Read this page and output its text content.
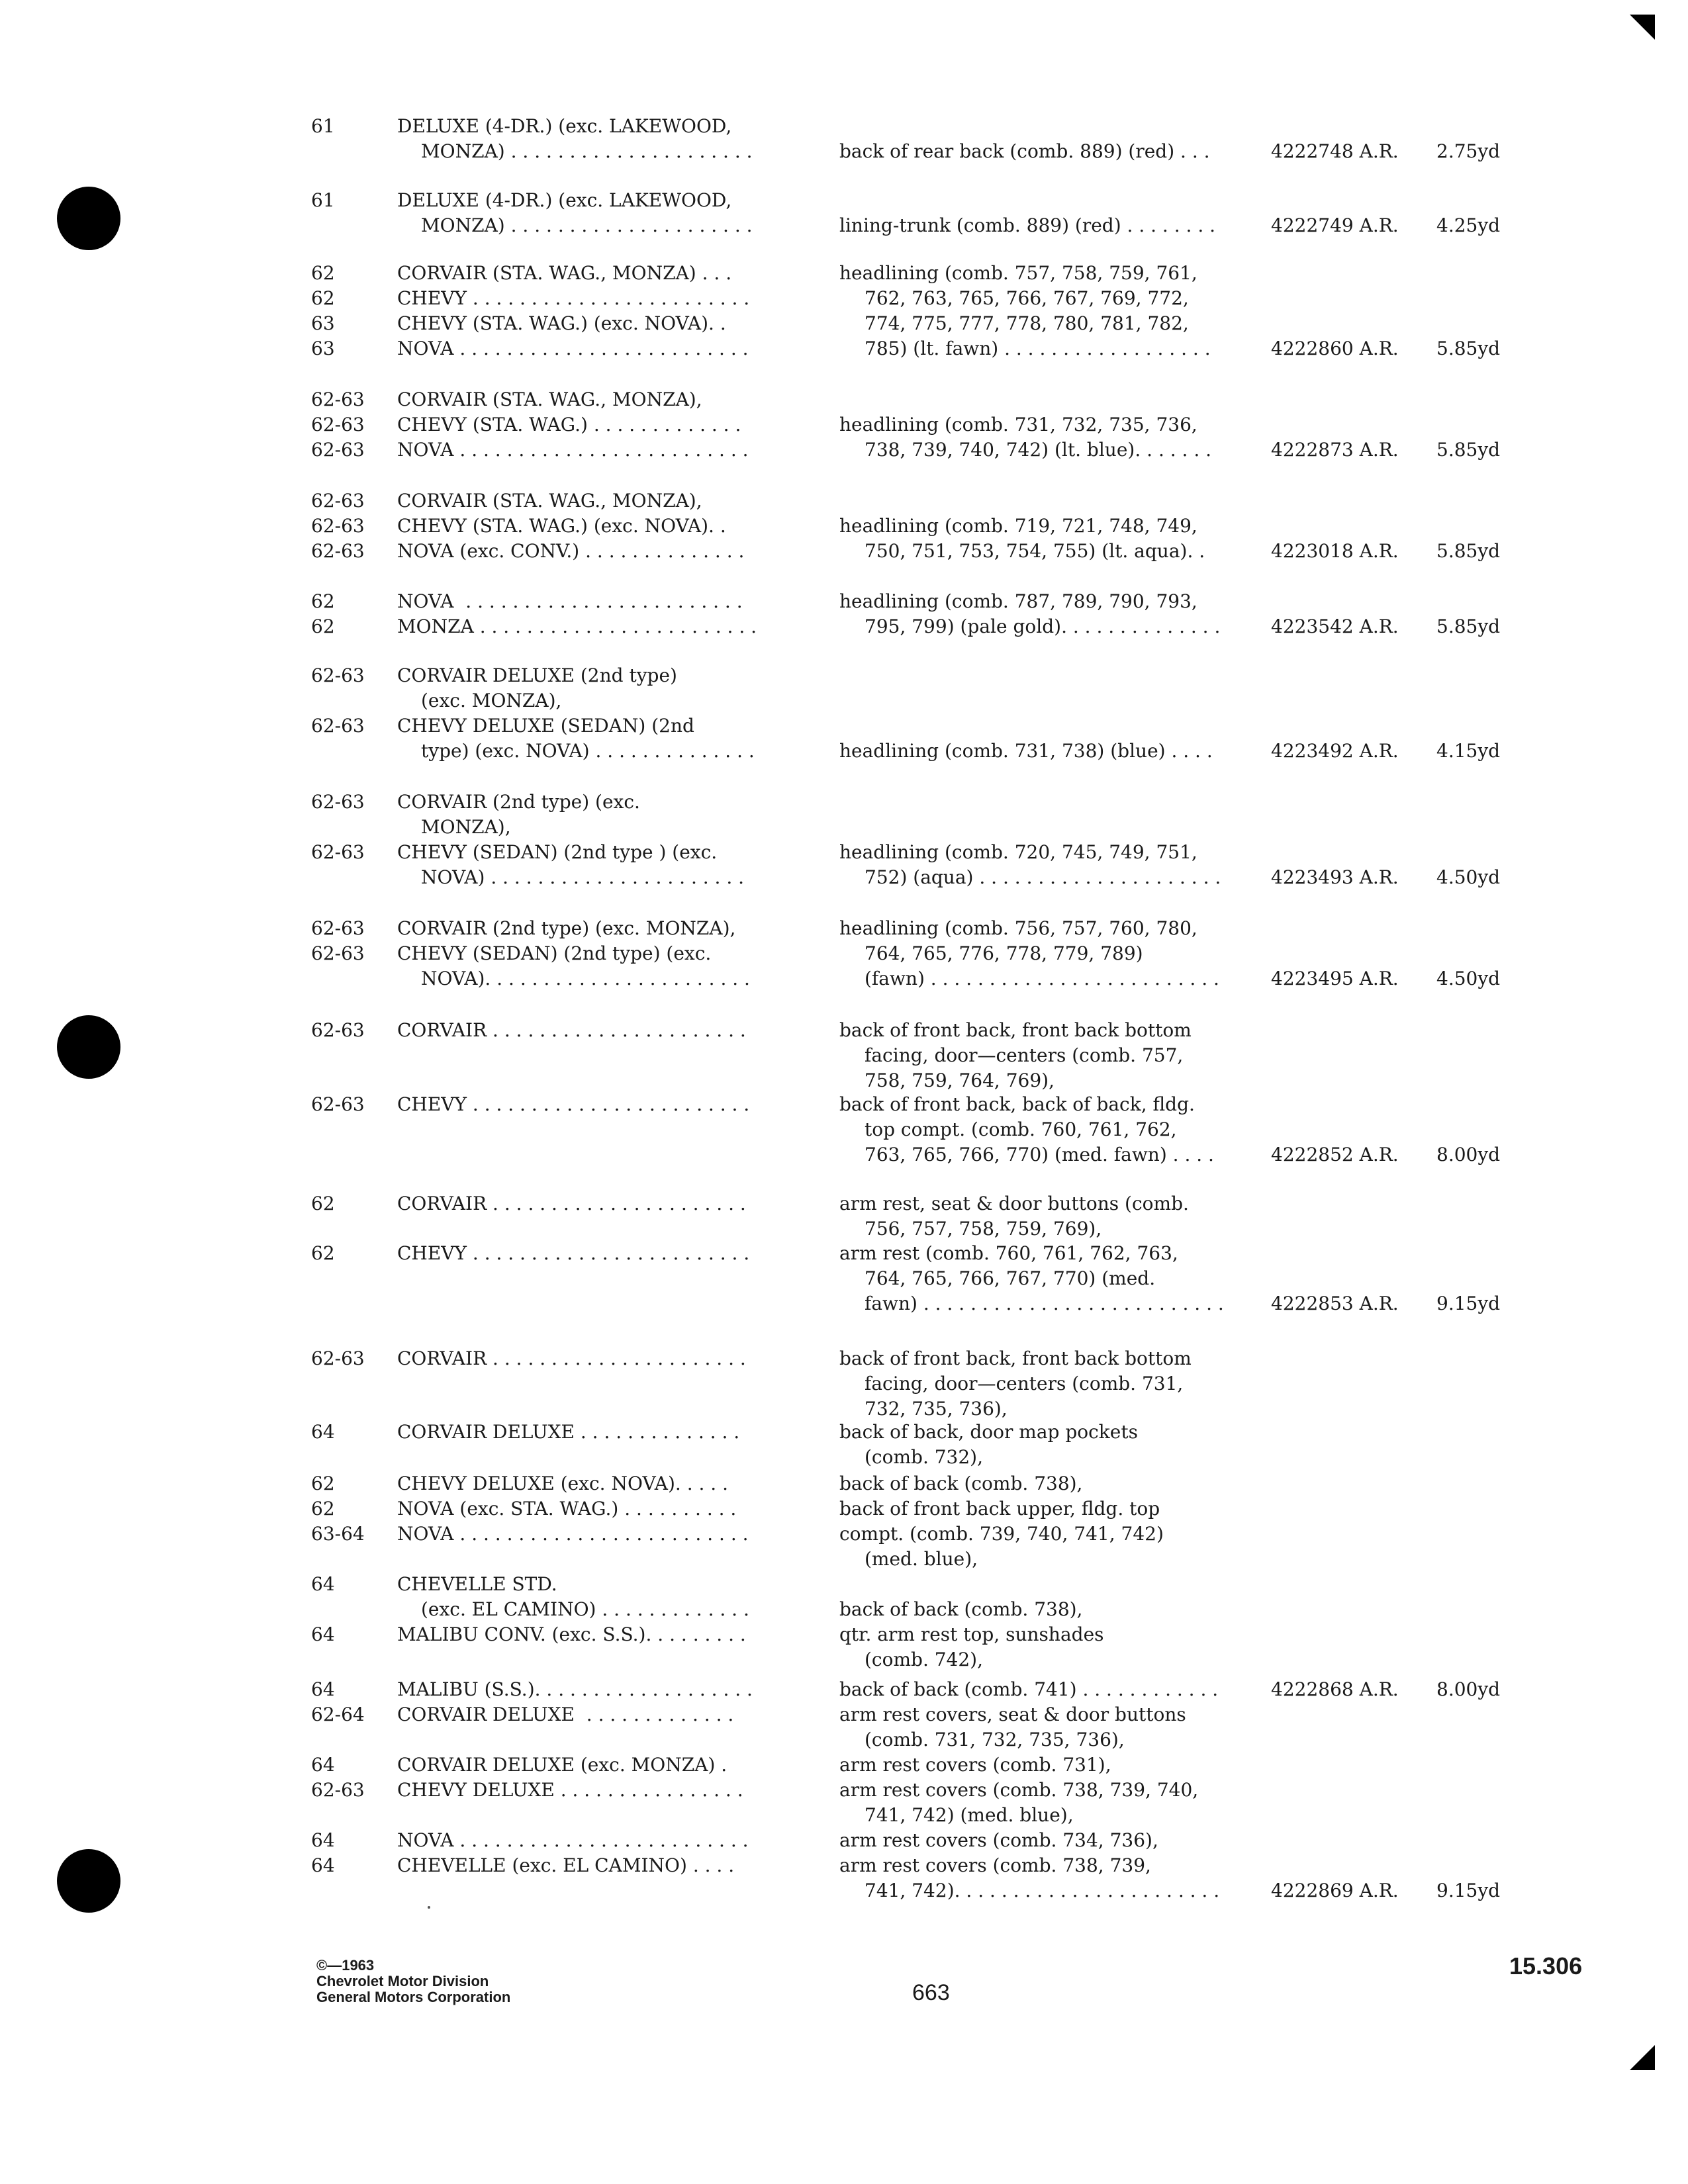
61	DELUXE (4-DR.) (exc. LAKEWOOD,
MONZA) . . . . . . . . . . . . . . . . . . . . .	back of rear back (comb. 889) (red) . . .	4222748 A.R. 2.75yd
61	DELUXE (4-DR.) (exc. LAKEWOOD,
MONZA) . . . . . . . . . . . . . . . . . . . . .	lining-trunk (comb. 889) (red) . . . . . . . .	4222749 A.R. 4.25yd
62	CORVAIR (STA. WAG., MONZA) . . .	headlining (comb. 757, 758, 759, 761,
62	CHEVY . . . . . . . . . . . . . . . . . . . . . . . .	762, 763, 765, 766, 767, 769, 772,
63	CHEVY (STA. WAG.) (exc. NOVA). .	774, 775, 777, 778, 780, 781, 782,
63	NOVA . . . . . . . . . . . . . . . . . . . . . . . . .	785) (lt. fawn) . . . . . . . . . . . . . . . . . .	4222860 A.R. 5.85yd
62-63 CORVAIR (STA. WAG., MONZA),
62-63 CHEVY (STA. WAG.) . . . . . . . . . . . . .	headlining (comb. 731, 732, 735, 736,
62-63 NOVA . . . . . . . . . . . . . . . . . . . . . . . . .	738, 739, 740, 742) (lt. blue). . . . . . .	4222873 A.R. 5.85yd
62-63 CORVAIR (STA. WAG., MONZA),
62-63 CHEVY (STA. WAG.) (exc. NOVA). .	headlining (comb. 719, 721, 748, 749,
62-63 NOVA (exc. CONV.) . . . . . . . . . . . . . .	750, 751, 753, 754, 755) (lt. aqua). .	4223018 A.R. 5.85yd
62	NOVA  . . . . . . . . . . . . . . . . . . . . . . . .	headlining (comb. 787, 789, 790, 793,
62	MONZA . . . . . . . . . . . . . . . . . . . . . . . .	795, 799) (pale gold). . . . . . . . . . . . . .	4223542 A.R. 5.85yd
62-63 CORVAIR DELUXE (2nd type)
(exc. MONZA),
62-63 CHEVY DELUXE (SEDAN) (2nd
type) (exc. NOVA) . . . . . . . . . . . . . .	headlining (comb. 731, 738) (blue) . . . .	4223492 A.R. 4.15yd
62-63 CORVAIR (2nd type) (exc.
MONZA),
62-63 CHEVY (SEDAN) (2nd type ) (exc.	headlining (comb. 720, 745, 749, 751,
NOVA) . . . . . . . . . . . . . . . . . . . . . .	752) (aqua) . . . . . . . . . . . . . . . . . . . . .	4223493 A.R. 4.50yd
62-63 CORVAIR (2nd type) (exc. MONZA),	headlining (comb. 756, 757, 760, 780,
62-63 CHEVY (SEDAN) (2nd type) (exc.	764, 765, 776, 778, 779, 789)
NOVA). . . . . . . . . . . . . . . . . . . . . . .	(fawn) . . . . . . . . . . . . . . . . . . . . . . . . .	4223495 A.R. 4.50yd
62-63 CORVAIR . . . . . . . . . . . . . . . . . . . . . .	back of front back, front back bottom
facing, door—centers (comb. 757,
758, 759, 764, 769),
62-63 CHEVY . . . . . . . . . . . . . . . . . . . . . . . .	back of front back, back of back, fldg.
top compt. (comb. 760, 761, 762,
763, 765, 766, 770) (med. fawn) . . . .	4222852 A.R. 8.00yd
62	CORVAIR . . . . . . . . . . . . . . . . . . . . . .	arm rest, seat & door buttons (comb.
756, 757, 758, 759, 769),
62	CHEVY . . . . . . . . . . . . . . . . . . . . . . . .	arm rest (comb. 760, 761, 762, 763,
764, 765, 766, 767, 770) (med.
fawn) . . . . . . . . . . . . . . . . . . . . . . . . . .	4222853 A.R. 9.15yd
62-63 CORVAIR . . . . . . . . . . . . . . . . . . . . . .	back of front back, front back bottom
facing, door—centers (comb. 731,
732, 735, 736),
64	CORVAIR DELUXE . . . . . . . . . . . . . .	back of back, door map pockets
(comb. 732),
62	CHEVY DELUXE (exc. NOVA). . . . .	back of back (comb. 738),
62	NOVA (exc. STA. WAG.) . . . . . . . . . .	back of front back upper, fldg. top
63-64 NOVA . . . . . . . . . . . . . . . . . . . . . . . . .	compt. (comb. 739, 740, 741, 742)
(med. blue),
64	CHEVELLE STD.
(exc. EL CAMINO) . . . . . . . . . . . . .	back of back (comb. 738),
64	MALIBU CONV. (exc. S.S.). . . . . . . . .	qtr. arm rest top, sunshades
(comb. 742),
64	MALIBU (S.S.). . . . . . . . . . . . . . . . . . .	back of back (comb. 741) . . . . . . . . . . . .	4222868 A.R. 8.00yd
62-64 CORVAIR DELUXE  . . . . . . . . . . . . .	arm rest covers, seat & door buttons
(comb. 731, 732, 735, 736),
64	CORVAIR DELUXE (exc. MONZA) .	arm rest covers (comb. 731),
62-63 CHEVY DELUXE . . . . . . . . . . . . . . . .	arm rest covers (comb. 738, 739, 740,
741, 742) (med. blue),
64	NOVA . . . . . . . . . . . . . . . . . . . . . . . . .	arm rest covers (comb. 734, 736),
64	CHEVELLE (exc. EL CAMINO) . . . .	arm rest covers (comb. 738, 739,
741, 742). . . . . . . . . . . . . . . . . . . . . . .	4222869 A.R. 9.15yd
©—1963
Chevrolet Motor Division
General Motors Corporation	663
15.306
